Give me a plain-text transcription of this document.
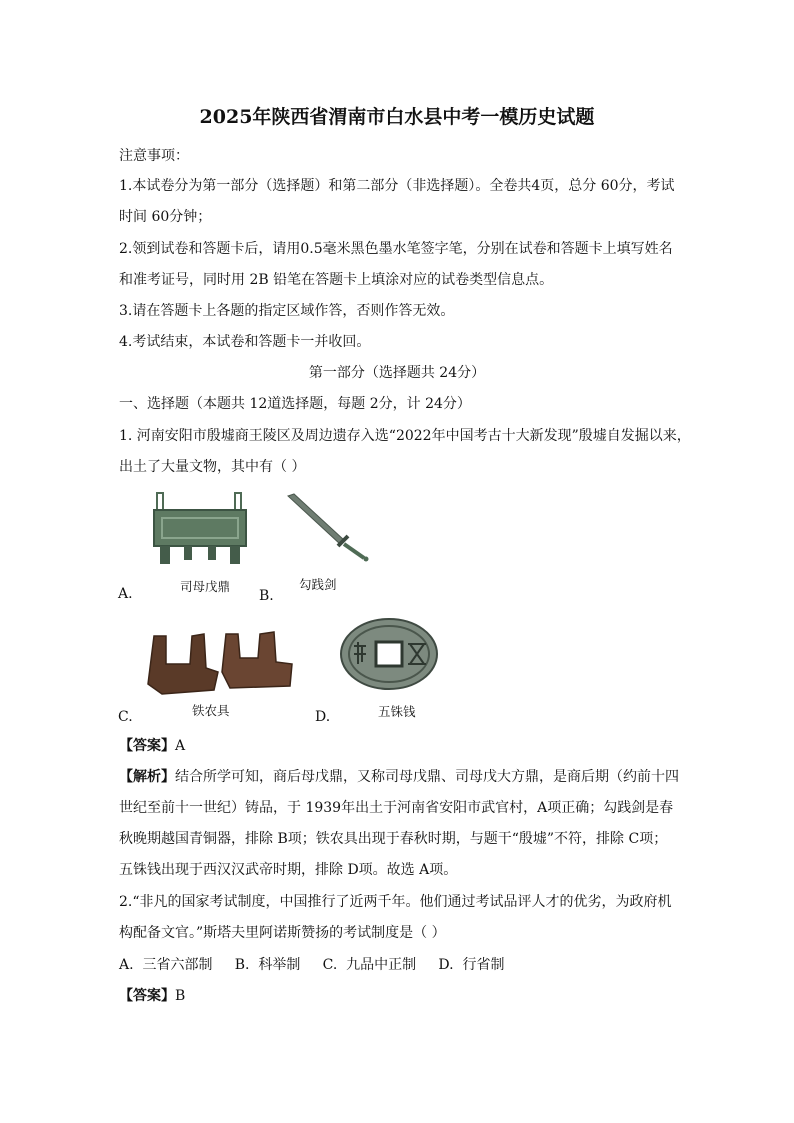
2025年陕西省渭南市白水县中考一模历史试题
注意事项：
1.本试卷分为第一部分（选择题）和第二部分（非选择题）。全卷共4页，总分 60分，考试
时间 60分钟；
2.领到试卷和答题卡后，请用0.5毫米黑色墨水笔签字笔，分别在试卷和答题卡上填写姓名
和准考证号，同时用 2B 铅笔在答题卡上填涂对应的试卷类型信息点。
3.请在答题卡上各题的指定区域作答，否则作答无效。
4.考试结束，本试卷和答题卡一并收回。
第一部分（选择题共 24分）
一、选择题（本题共 12道选择题，每题 2分，计 24分）
1. 河南安阳市殷墟商王陵区及周边遗存入选“2022年中国考古十大新发现”殷墟自发掘以来，
出土了大量文物，其中有（ ）
A.	司母戊鼎
B.
勾践剑
C.	铁农具	D.	五铢钱
【答案】A
【解析】结合所学可知，商后母戊鼎，又称司母戊鼎、司母戊大方鼎，是商后期（约前十四
世纪至前十一世纪）铸品，于 1939年出土于河南省安阳市武官村，A项正确；勾践剑是春
秋晚期越国青铜器，排除 B项；铁农具出现于春秋时期，与题干“殷墟”不符，排除 C项；
五铢钱出现于西汉汉武帝时期，排除 D项。故选 A项。
2.“非凡的国家考试制度，中国推行了近两千年。他们通过考试品评人才的优劣，为政府机
构配备文官。”斯塔夫里阿诺斯赞扬的考试制度是（ ）
A.  三省六部制     B.  科举制     C.  九品中正制     D.  行省制
【答案】B
